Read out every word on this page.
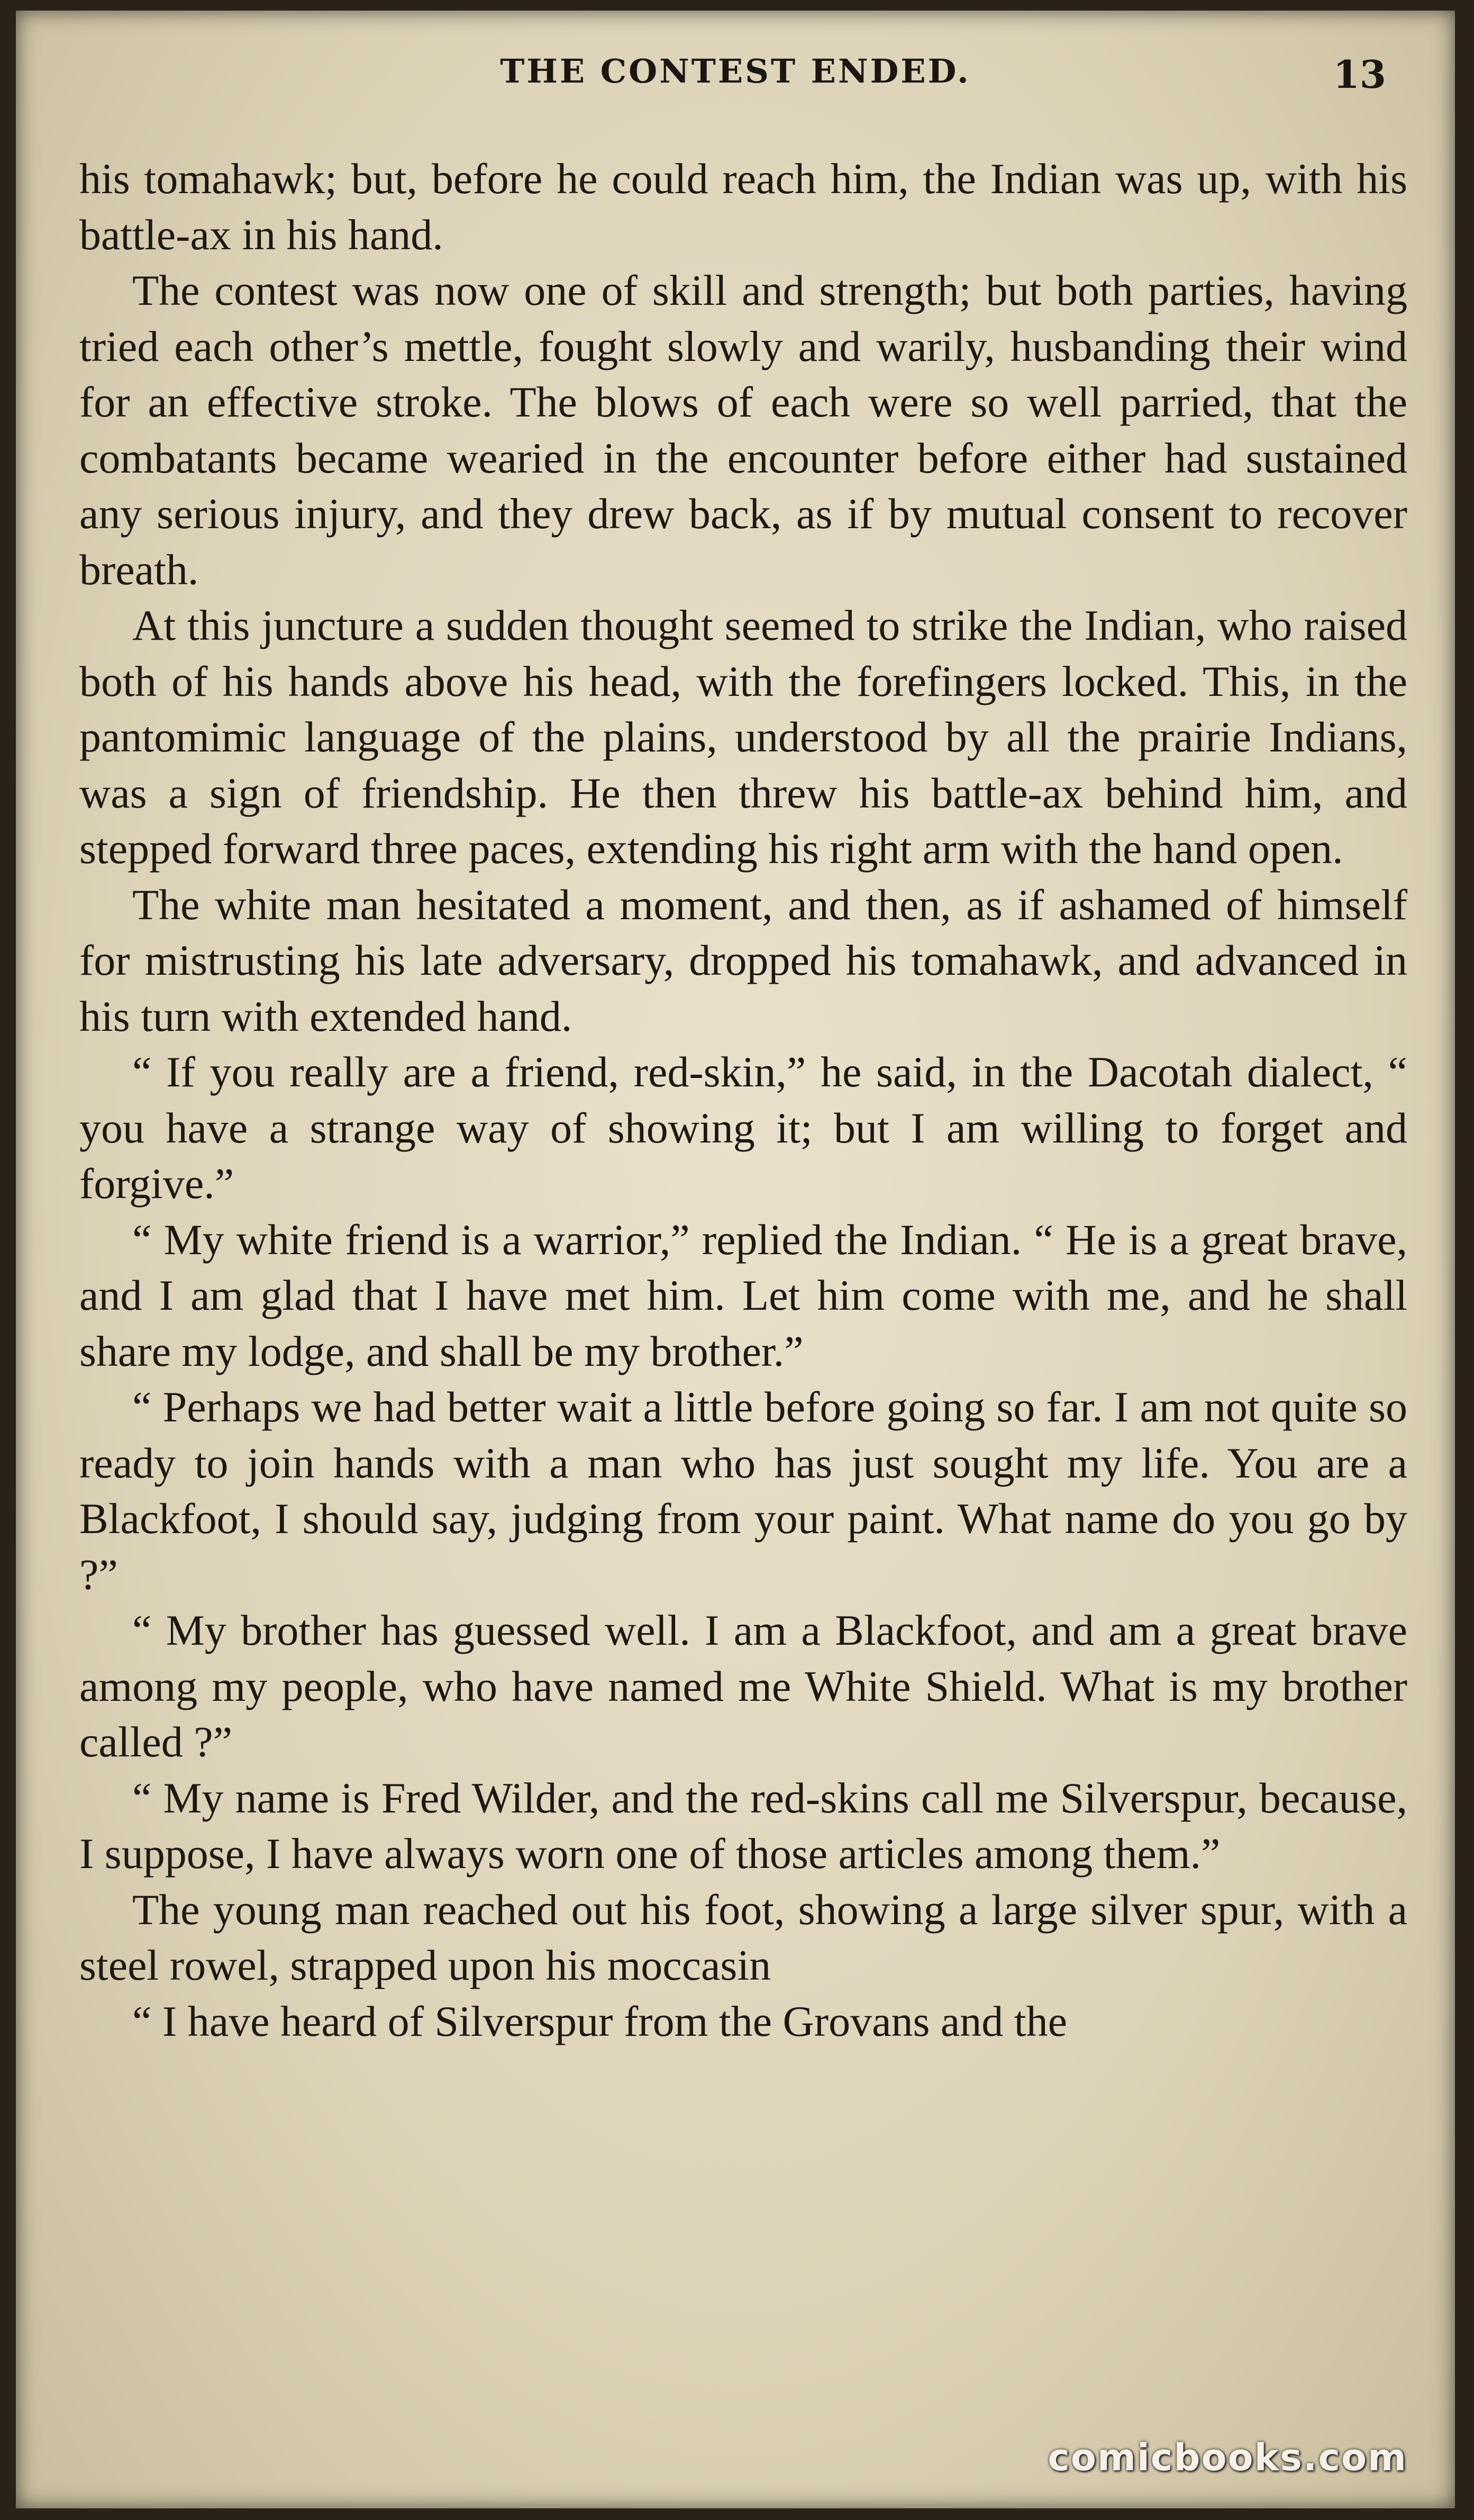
THE CONTEST ENDED.	13

his tomahawk; but, before he could reach him, the Indian was up, with his battle-ax in his hand.

The contest was now one of skill and strength; but both parties, having tried each other’s mettle, fought slowly and warily, husbanding their wind for an effective stroke. The blows of each were so well parried, that the combatants became wearied in the encounter before either had sustained any serious injury, and they drew back, as if by mutual consent to recover breath.

At this juncture a sudden thought seemed to strike the Indian, who raised both of his hands above his head, with the forefingers locked. This, in the pantomimic language of the plains, understood by all the prairie Indians, was a sign of friendship. He then threw his battle-ax behind him, and stepped forward three paces, extending his right arm with the hand open.

The white man hesitated a moment, and then, as if ashamed of himself for mistrusting his late adversary, dropped his tomahawk, and advanced in his turn with extended hand.

“ If you really are a friend, red-skin,” he said, in the Dacotah dialect, “ you have a strange way of showing it; but I am willing to forget and forgive.”

“ My white friend is a warrior,” replied the Indian. “ He is a great brave, and I am glad that I have met him. Let him come with me, and he shall share my lodge, and shall be my brother.”

“ Perhaps we had better wait a little before going so far. I am not quite so ready to join hands with a man who has just sought my life. You are a Blackfoot, I should say, judging from your paint. What name do you go by ?”

“ My brother has guessed well. I am a Blackfoot, and am a great brave among my people, who have named me White Shield. What is my brother called ?”

“ My name is Fred Wilder, and the red-skins call me Silverspur, because, I suppose, I have always worn one of those articles among them.”

The young man reached out his foot, showing a large silver spur, with a steel rowel, strapped upon his moccasin

“ I have heard of Silverspur from the Grovans and the

comicbooks.com
